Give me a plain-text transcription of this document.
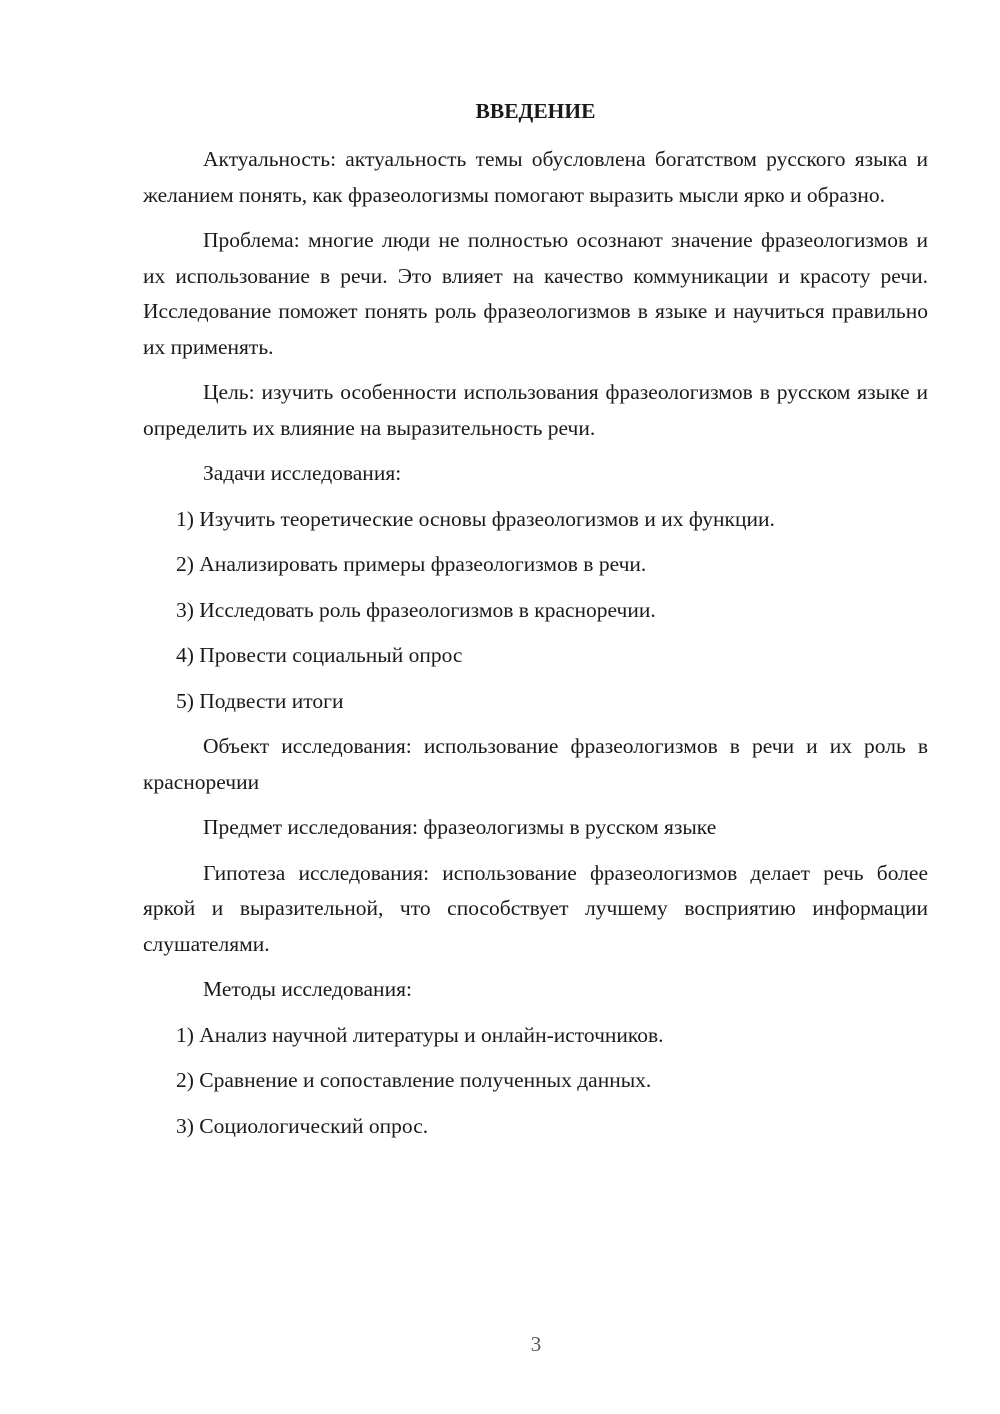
ВВЕДЕНИЕ

Актуальность: актуальность темы обусловлена богатством русского языка и желанием понять, как фразеологизмы помогают выразить мысли ярко и образно.

Проблема: многие люди не полностью осознают значение фразеологизмов и их использование в речи. Это влияет на качество коммуникации и красоту речи. Исследование поможет понять роль фразеологизмов в языке и научиться правильно их применять.

Цель: изучить особенности использования фразеологизмов в русском языке и определить их влияние на выразительность речи.

Задачи исследования:
1) Изучить теоретические основы фразеологизмов и их функции.
2) Анализировать примеры фразеологизмов в речи.
3) Исследовать роль фразеологизмов в красноречии.
4) Провести социальный опрос
5) Подвести итоги

Объект исследования: использование фразеологизмов в речи и их роль в красноречии

Предмет исследования: фразеологизмы в русском языке

Гипотеза исследования: использование фразеологизмов делает речь более яркой и выразительной, что способствует лучшему восприятию информации слушателями.

Методы исследования:
1) Анализ научной литературы и онлайн-источников.
2) Сравнение и сопоставление полученных данных.
3) Социологический опрос.
3
